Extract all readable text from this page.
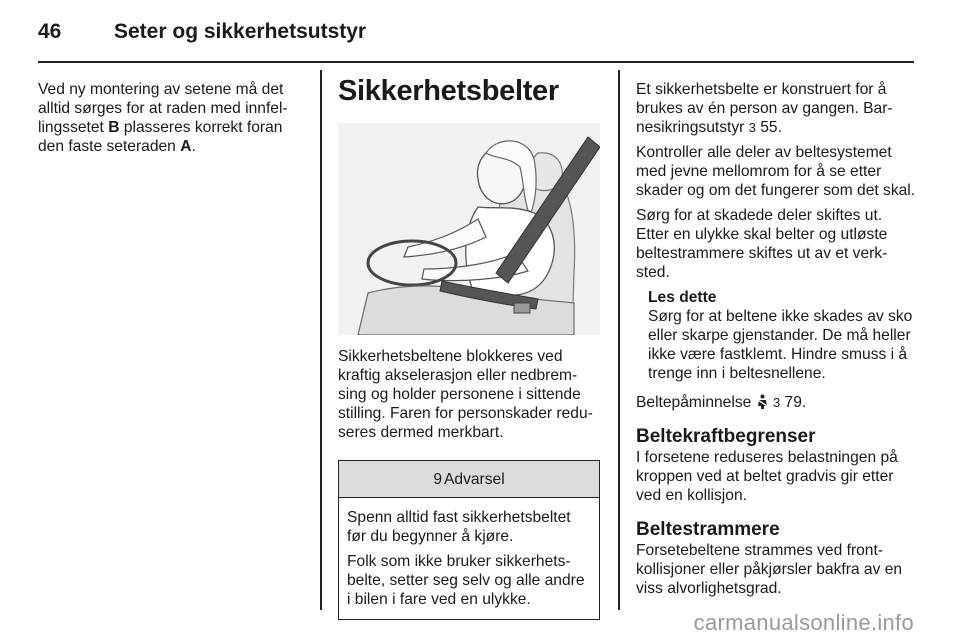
46	Seter og sikkerhetsutstyr

Ved ny montering av setene må det alltid sørges for at raden med innfel-lingssetet B plasseres korrekt foran den faste seteraden A.

Sikkerhetsbelter

Sikkerhetsbeltene blokkeres ved kraftig akselerasjon eller nedbrem-sing og holder personene i sittende stilling. Faren for personskader redu-seres dermed merkbart.

9 Advarsel

Spenn alltid fast sikkerhetsbeltet før du begynner å kjøre.

Folk som ikke bruker sikkerhets-belte, setter seg selv og alle andre i bilen i fare ved en ulykke.

Et sikkerhetsbelte er konstruert for å brukes av én person av gangen. Bar-nesikringsutstyr 3 55.

Kontroller alle deler av beltesystemet med jevne mellomrom for å se etter skader og om det fungerer som det skal.

Sørg for at skadede deler skiftes ut. Etter en ulykke skal belter og utløste beltestrammere skiftes ut av et verk-sted.

Les dette
Sørg for at beltene ikke skades av sko eller skarpe gjenstander. De må heller ikke være fastklemt. Hindre smuss i å trenge inn i beltesnellene.

Beltepåminnelse  3 79.

Beltekraftbegrenser

I forsetene reduseres belastningen på kroppen ved at beltet gradvis gir etter ved en kollisjon.

Beltestrammere

Forsetebeltene strammes ved front-kollisjoner eller påkjørsler bakfra av en viss alvorlighetsgrad.

carmanualsonline.info
